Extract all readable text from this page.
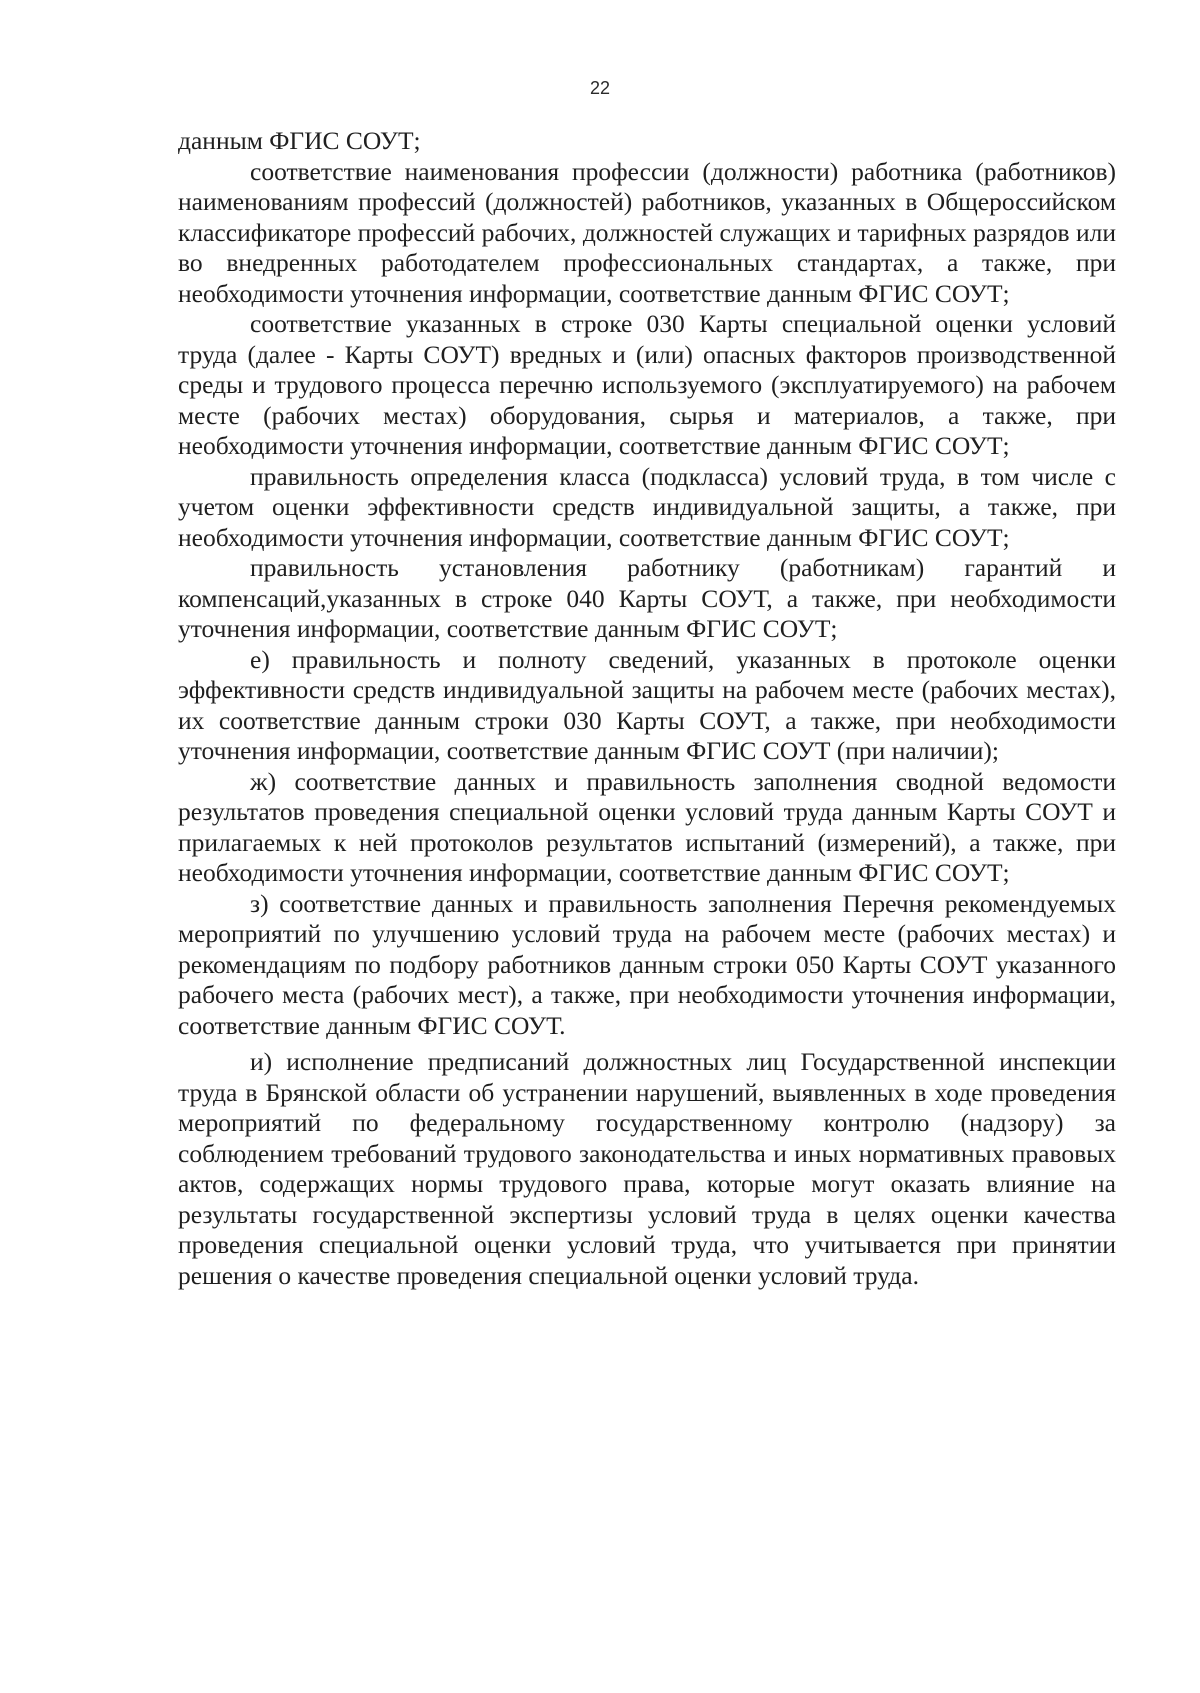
22

данным ФГИС СОУТ;

соответствие наименования профессии (должности) работника (работников) наименованиям профессий (должностей) работников, указанных в Общероссийском классификаторе профессий рабочих, должностей служащих и тарифных разрядов или во внедренных работодателем профессиональных стандартах, а также, при необходимости уточнения информации, соответствие данным ФГИС СОУТ;

соответствие указанных в строке 030 Карты специальной оценки условий труда (далее - Карты СОУТ) вредных и (или) опасных факторов производственной среды и трудового процесса перечню используемого (эксплуатируемого) на рабочем месте (рабочих местах) оборудования, сырья и материалов, а также, при необходимости уточнения информации, соответствие данным ФГИС СОУТ;

правильность определения класса (подкласса) условий труда, в том числе с учетом оценки эффективности средств индивидуальной защиты, а также, при необходимости уточнения информации, соответствие данным ФГИС СОУТ;

правильность установления работнику (работникам) гарантий и компенсаций,указанных в строке 040 Карты СОУТ, а также, при необходимости уточнения информации, соответствие данным ФГИС СОУТ;

е) правильность и полноту сведений, указанных в протоколе оценки эффективности средств индивидуальной защиты на рабочем месте (рабочих местах), их соответствие данным строки 030 Карты СОУТ, а также, при необходимости уточнения информации, соответствие данным ФГИС СОУТ (при наличии);

ж) соответствие данных и правильность заполнения сводной ведомости результатов проведения специальной оценки условий труда данным Карты СОУТ и прилагаемых к ней протоколов результатов испытаний (измерений), а также, при необходимости уточнения информации, соответствие данным ФГИС СОУТ;

з) соответствие данных и правильность заполнения Перечня рекомендуемых мероприятий по улучшению условий труда на рабочем месте (рабочих местах) и рекомендациям по подбору работников данным строки 050 Карты СОУТ указанного рабочего места (рабочих мест), а также, при необходимости уточнения информации, соответствие данным ФГИС СОУТ.

и) исполнение предписаний должностных лиц Государственной инспекции труда в Брянской области об устранении нарушений, выявленных в ходе проведения мероприятий по федеральному государственному контролю (надзору) за соблюдением требований трудового законодательства и иных нормативных правовых актов, содержащих нормы трудового права, которые могут оказать влияние на результаты государственной экспертизы условий труда в целях оценки качества проведения специальной оценки условий труда, что учитывается при принятии решения о качестве проведения специальной оценки условий труда.
